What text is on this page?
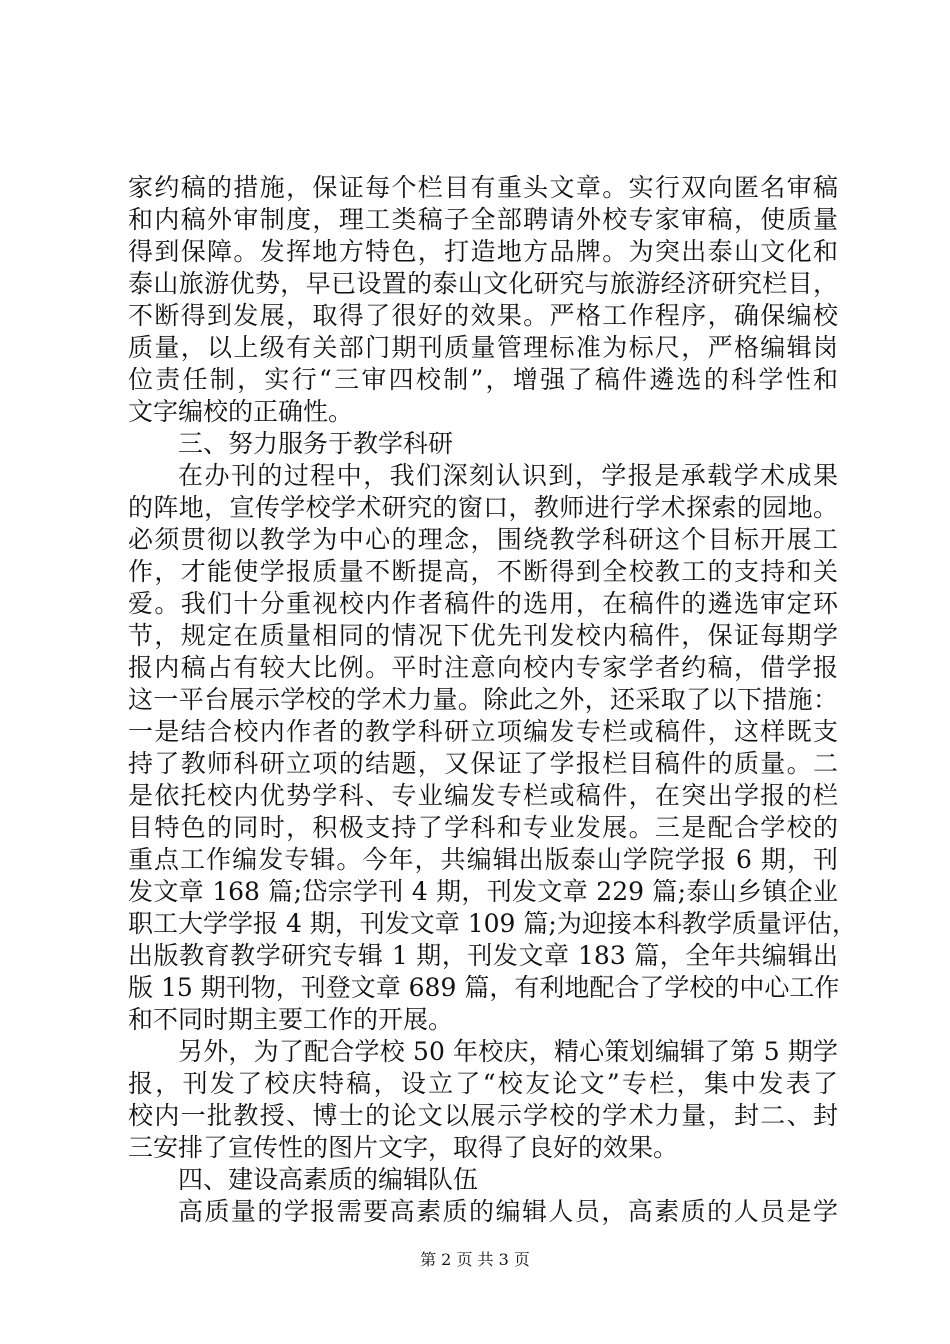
家约稿的措施，保证每个栏目有重头文章。实行双向匿名审稿
和内稿外审制度，理工类稿子全部聘请外校专家审稿，使质量
得到保障。发挥地方特色，打造地方品牌。为突出泰山文化和
泰山旅游优势，早已设置的泰山文化研究与旅游经济研究栏目，
不断得到发展，取得了很好的效果。严格工作程序，确保编校
质量，以上级有关部门期刊质量管理标准为标尺，严格编辑岗
位责任制，实行“三审四校制”，增强了稿件遴选的科学性和
文字编校的正确性。
三、努力服务于教学科研
在办刊的过程中，我们深刻认识到，学报是承载学术成果
的阵地，宣传学校学术研究的窗口，教师进行学术探索的园地。
必须贯彻以教学为中心的理念，围绕教学科研这个目标开展工
作，才能使学报质量不断提高，不断得到全校教工的支持和关
爱。我们十分重视校内作者稿件的选用，在稿件的遴选审定环
节，规定在质量相同的情况下优先刊发校内稿件，保证每期学
报内稿占有较大比例。平时注意向校内专家学者约稿，借学报
这一平台展示学校的学术力量。除此之外，还采取了以下措施：
一是结合校内作者的教学科研立项编发专栏或稿件，这样既支
持了教师科研立项的结题，又保证了学报栏目稿件的质量。二
是依托校内优势学科、专业编发专栏或稿件，在突出学报的栏
目特色的同时，积极支持了学科和专业发展。三是配合学校的
重点工作编发专辑。今年，共编辑出版泰山学院学报 6 期，刊
发文章 168 篇;岱宗学刊 4 期，刊发文章 229 篇;泰山乡镇企业
职工大学学报 4 期，刊发文章 109 篇;为迎接本科教学质量评估，
出版教育教学研究专辑 1 期，刊发文章 183 篇，全年共编辑出
版 15 期刊物，刊登文章 689 篇，有利地配合了学校的中心工作
和不同时期主要工作的开展。
另外，为了配合学校 50 年校庆，精心策划编辑了第 5 期学
报，刊发了校庆特稿，设立了“校友论文”专栏，集中发表了
校内一批教授、博士的论文以展示学校的学术力量，封二、封
三安排了宣传性的图片文字，取得了良好的效果。
四、建设高素质的编辑队伍
高质量的学报需要高素质的编辑人员，高素质的人员是学
第 2 页 共 3 页
